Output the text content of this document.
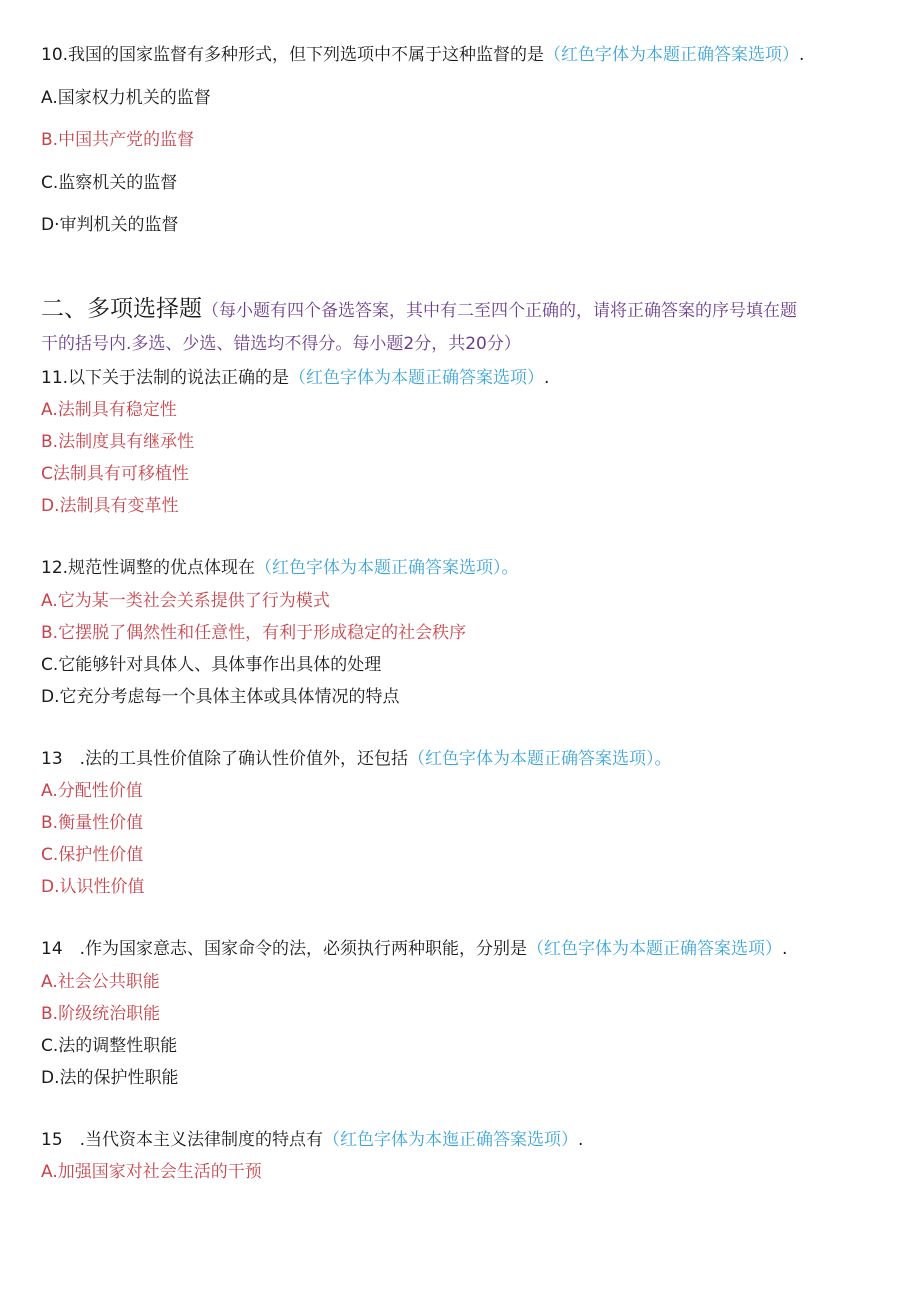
10.我国的国家监督有多种形式，但下列选项中不属于这种监督的是（红色字体为本题正确答案选项）.
A.国家权力机关的监督
B.中国共产党的监督
C.监察机关的监督
D·审判机关的监督
二、多项选择题（每小题有四个备选答案，其中有二至四个正确的，请将正确答案的序号填在题
干的括号内.多选、少选、错选均不得分。每小题2分，共20分）
11.以下关于法制的说法正确的是（红色字体为本题正确答案选项）.
A.法制具有稳定性
B.法制度具有继承性
C法制具有可移植性
D.法制具有变革性
12.规范性调整的优点体现在（红色字体为本题正确答案选项）。
A.它为某一类社会关系提供了行为模式
B.它摆脱了偶然性和任意性，有利于形成稳定的社会秩序
C.它能够针对具体人、具体事作出具体的处理
D.它充分考虑每一个具体主体或具体情况的特点
13　.法的工具性价值除了确认性价值外，还包括（红色字体为本题正确答案选项）。
A.分配性价值
B.衡量性价值
C.保护性价值
D.认识性价值
14　.作为国家意志、国家命令的法，必须执行两种职能，分别是（红色字体为本题正确答案选项）.
A.社会公共职能
B.阶级统治职能
C.法的调整性职能
D.法的保护性职能
15　.当代资本主义法律制度的特点有（红色字体为本迤正确答案选项）.
A.加强国家对社会生活的干预
